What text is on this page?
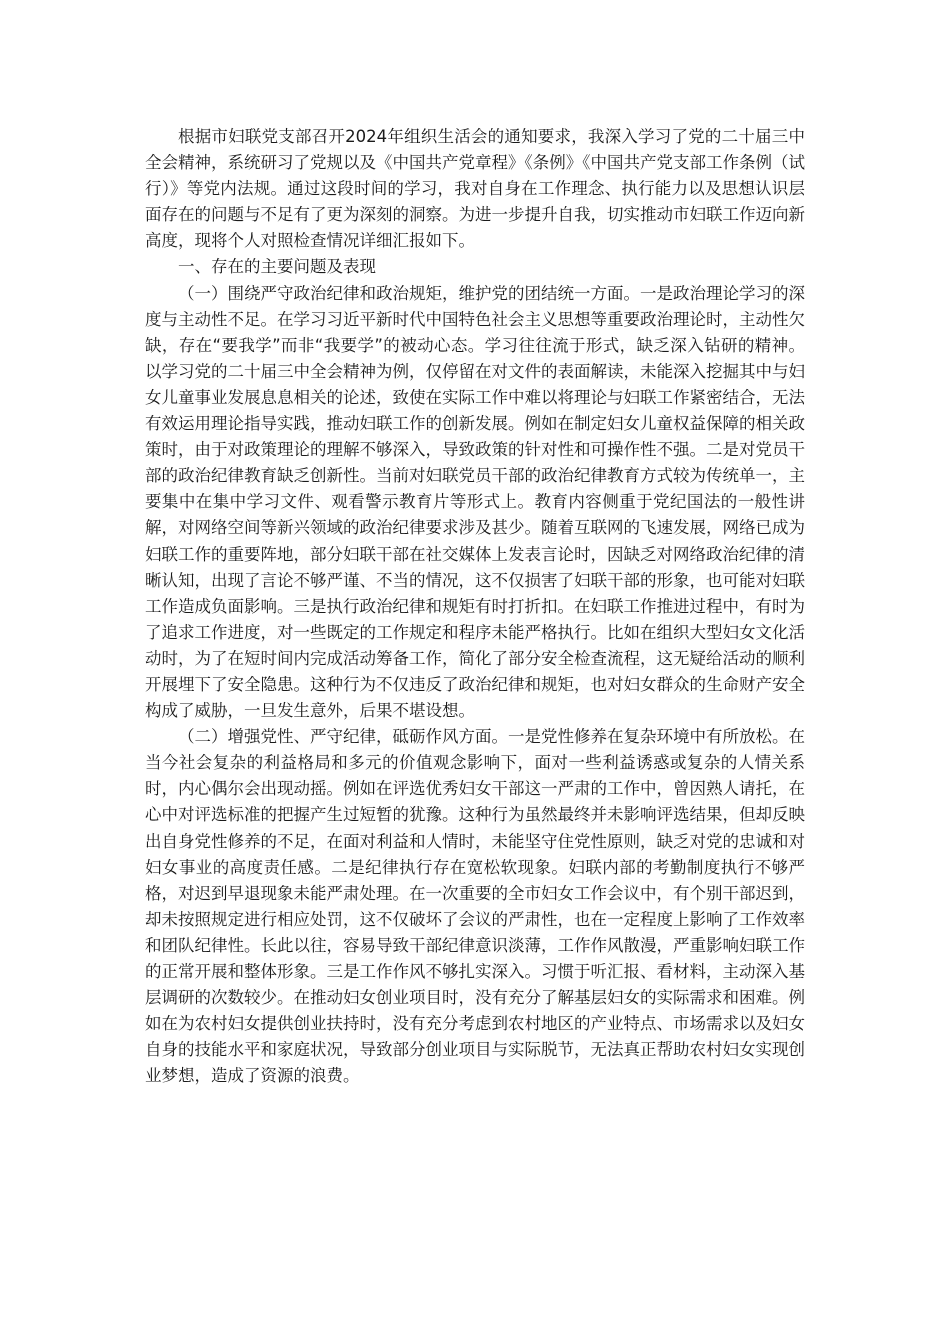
根据市妇联党支部召开2024年组织生活会的通知要求，我深入学习了党的二十届三中全会精神，系统研习了党规以及《中国共产党章程》《条例》《中国共产党支部工作条例（试行）》等党内法规。通过这段时间的学习，我对自身在工作理念、执行能力以及思想认识层面存在的问题与不足有了更为深刻的洞察。为进一步提升自我，切实推动市妇联工作迈向新高度，现将个人对照检查情况详细汇报如下。

一、存在的主要问题及表现

（一）围绕严守政治纪律和政治规矩，维护党的团结统一方面。一是政治理论学习的深度与主动性不足。在学习习近平新时代中国特色社会主义思想等重要政治理论时，主动性欠缺，存在“要我学”而非“我要学”的被动心态。学习往往流于形式，缺乏深入钻研的精神。以学习党的二十届三中全会精神为例，仅停留在对文件的表面解读，未能深入挖掘其中与妇女儿童事业发展息息相关的论述，致使在实际工作中难以将理论与妇联工作紧密结合，无法有效运用理论指导实践，推动妇联工作的创新发展。例如在制定妇女儿童权益保障的相关政策时，由于对政策理论的理解不够深入，导致政策的针对性和可操作性不强。二是对党员干部的政治纪律教育缺乏创新性。当前对妇联党员干部的政治纪律教育方式较为传统单一，主要集中在集中学习文件、观看警示教育片等形式上。教育内容侧重于党纪国法的一般性讲解，对网络空间等新兴领域的政治纪律要求涉及甚少。随着互联网的飞速发展，网络已成为妇联工作的重要阵地，部分妇联干部在社交媒体上发表言论时，因缺乏对网络政治纪律的清晰认知，出现了言论不够严谨、不当的情况，这不仅损害了妇联干部的形象，也可能对妇联工作造成负面影响。三是执行政治纪律和规矩有时打折扣。在妇联工作推进过程中，有时为了追求工作进度，对一些既定的工作规定和程序未能严格执行。比如在组织大型妇女文化活动时，为了在短时间内完成活动筹备工作，简化了部分安全检查流程，这无疑给活动的顺利开展埋下了安全隐患。这种行为不仅违反了政治纪律和规矩，也对妇女群众的生命财产安全构成了威胁，一旦发生意外，后果不堪设想。

（二）增强党性、严守纪律，砥砺作风方面。一是党性修养在复杂环境中有所放松。在当今社会复杂的利益格局和多元的价值观念影响下，面对一些利益诱惑或复杂的人情关系时，内心偶尔会出现动摇。例如在评选优秀妇女干部这一严肃的工作中，曾因熟人请托，在心中对评选标准的把握产生过短暂的犹豫。这种行为虽然最终并未影响评选结果，但却反映出自身党性修养的不足，在面对利益和人情时，未能坚守住党性原则，缺乏对党的忠诚和对妇女事业的高度责任感。二是纪律执行存在宽松软现象。妇联内部的考勤制度执行不够严格，对迟到早退现象未能严肃处理。在一次重要的全市妇女工作会议中，有个别干部迟到，却未按照规定进行相应处罚，这不仅破坏了会议的严肃性，也在一定程度上影响了工作效率和团队纪律性。长此以往，容易导致干部纪律意识淡薄，工作作风散漫，严重影响妇联工作的正常开展和整体形象。三是工作作风不够扎实深入。习惯于听汇报、看材料，主动深入基层调研的次数较少。在推动妇女创业项目时，没有充分了解基层妇女的实际需求和困难。例如在为农村妇女提供创业扶持时，没有充分考虑到农村地区的产业特点、市场需求以及妇女自身的技能水平和家庭状况，导致部分创业项目与实际脱节，无法真正帮助农村妇女实现创业梦想，造成了资源的浪费。
